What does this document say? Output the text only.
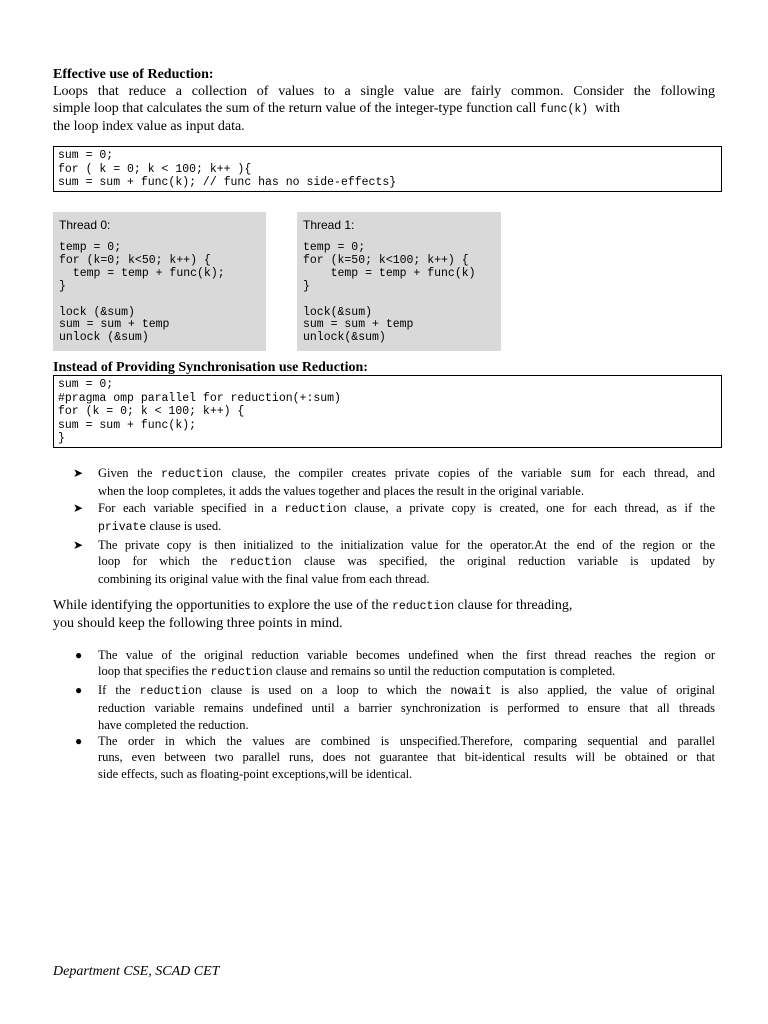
Effective use of Reduction:
Loops that reduce a collection of values to a single value are fairly common. Consider the following
simple loop that calculates the sum of the return value of the integer-type function call func(k) with
the loop index value as input data.
sum = 0;
for ( k = 0; k < 100; k++ ){
sum = sum + func(k); // func has no side-effects}
Thread 0:
temp = 0;
for (k=0; k<50; k++) {
temp = temp + func(k);
}

lock (&sum)
sum = sum + temp
unlock (&sum)
Thread 1:
temp = 0;
for (k=50; k<100; k++) {
temp = temp + func(k)
}

lock(&sum)
sum = sum + temp
unlock(&sum)
Instead of Providing Synchronisation use Reduction:
sum = 0;
#pragma omp parallel for reduction(+:sum)
for (k = 0; k < 100; k++) {
sum = sum + func(k);
}
➤ Given the reduction clause, the compiler creates private copies of the variable sum for each thread, and
when the loop completes, it adds the values together and places the result in the original variable.
➤ For each variable specified in a reduction clause, a private copy is created, one for each thread, as if the
private clause is used.
➤ The private copy is then initialized to the initialization value for the operator.At the end of the region or the
loop for which the reduction clause was specified, the original reduction variable is updated by
combining its original value with the final value from each thread.
While identifying the opportunities to explore the use of the reduction clause for threading,
you should keep the following three points in mind.
● The value of the original reduction variable becomes undefined when the first thread reaches the region or
loop that specifies the reduction clause and remains so until the reduction computation is completed.
● If the reduction clause is used on a loop to which the nowait is also applied, the value of original
reduction variable remains undefined until a barrier synchronization is performed to ensure that all threads
have completed the reduction.
● The order in which the values are combined is unspecified.Therefore, comparing sequential and parallel
runs, even between two parallel runs, does not guarantee that bit-identical results will be obtained or that
side effects, such as floating-point exceptions,will be identical.
Department CSE, SCAD CET
